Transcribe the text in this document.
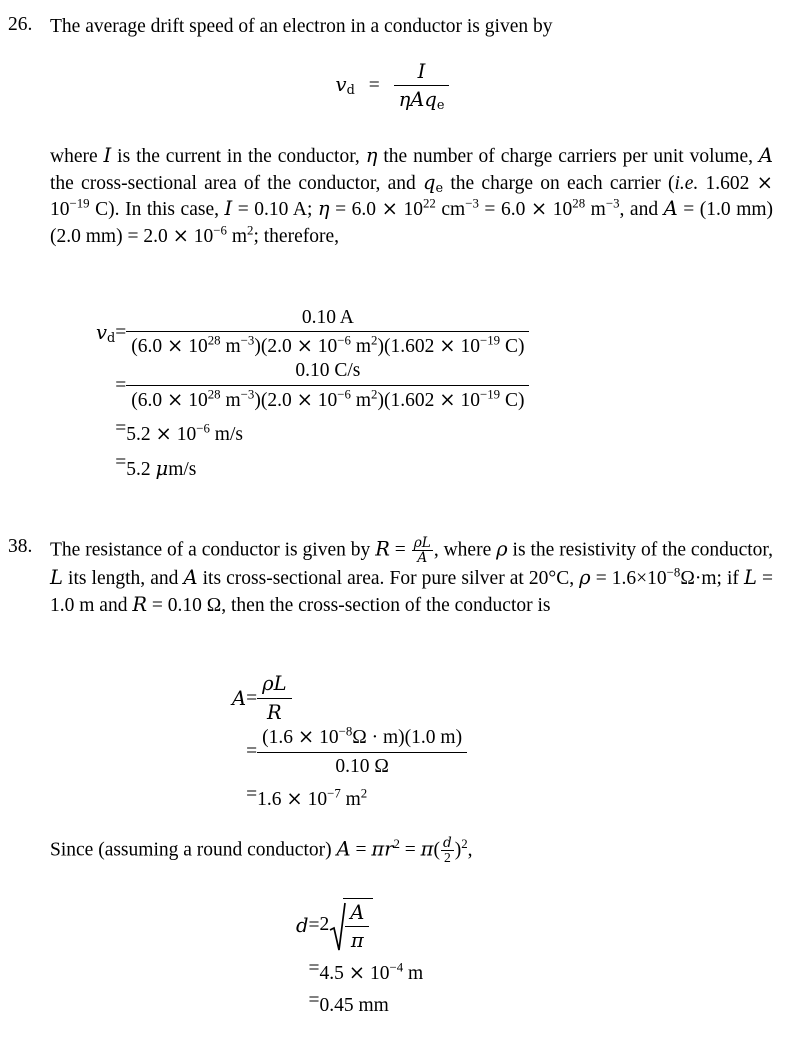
26. The average drift speed of an electron in a conductor is given by
$v_d = \frac{I}{\eta Aq_e}$
where I is the current in the conductor, η the number of charge carriers per unit volume, A the cross-sectional area of the conductor, and $q_e$ the charge on each carrier (i.e. $1.602 \times 10^{-19}$ C). In this case, I = 0.10 A; $\eta = 6.0 \times 10^{22}$ $cm^{-3} = 6.0 \times 10^{28}$ $m^{-3}$, and A = (1.0 mm)(2.0 $mm) = 2.0 \times 10^{-6}$ $m^2$; therefore,
$v_d$	=	$\frac{0.10 A}{(6.0 \times 10^{28} m^{-3})(2.0 \times 10^{-6} m^2)(1.602 \times 10^{-19} C)}$

	=	$\frac{0.10 C/s}{(6.0 \times 10^{28} m^{-3})(2.0 \times 10^{-6} m^2)(1.602 \times 10^{-19} C)}$

	=	$5.2 \times 10^{-6}$ m/s
	=	5.2 μm/s
38. The resistance of a conductor is given by $R = \frac{\rho L}{A}$ , where ρ is the resistivity of the conductor, L its length, and A its cross-sectional area. For pure silver at 20°C, $\rho = 1.6\times 10^{-8}\Omega\cdot m$; if L = 1.0 m and R = 0.10 Ω, then the cross-section of the conductor is
A	=	$\frac{\rho L}{R}$

	=	$\frac{(1.6 \times 10^{-8}\Omega \cdot m)(1.0 m)}{0.10 \Omega}$

	=	$1.6 \times 10^{-7}$ $m^2$
Since (assuming a round conductor) $A = \pi r^2 = \pi( \frac{d}{2} )^2$,
d	=	$2 \frac{A}{\pi}$

	=	$4.5 \times 10^{-4}$ m
	=	0.45 mm
